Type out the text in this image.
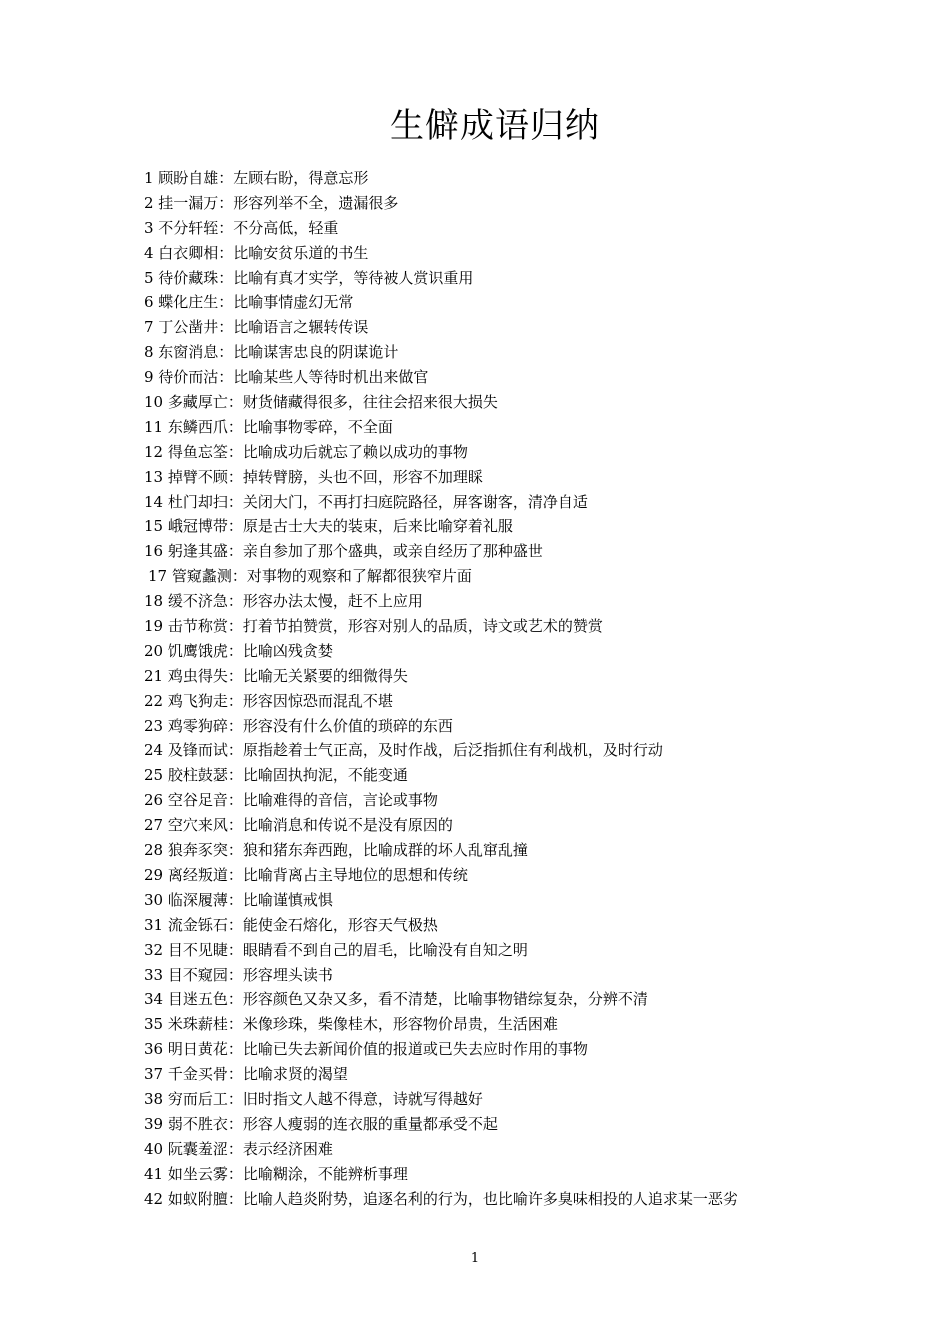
生僻成语归纳
1 顾盼自雄：左顾右盼，得意忘形
2 挂一漏万：形容列举不全，遗漏很多
3 不分轩轾：不分高低，轻重
4 白衣卿相：比喻安贫乐道的书生
5 待价藏珠：比喻有真才实学，等待被人赏识重用
6 蝶化庄生：比喻事情虚幻无常
7 丁公凿井：比喻语言之辗转传误
8 东窗消息：比喻谋害忠良的阴谋诡计
9 待价而沽：比喻某些人等待时机出来做官
10 多藏厚亡：财货储藏得很多，往往会招来很大损失
11 东鳞西爪：比喻事物零碎，不全面
12 得鱼忘筌：比喻成功后就忘了赖以成功的事物
13 掉臂不顾：掉转臂膀，头也不回，形容不加理睬
14 杜门却扫：关闭大门，不再打扫庭院路径，屏客谢客，清净自适
15 峨冠博带：原是古士大夫的装束，后来比喻穿着礼服
16 躬逢其盛：亲自参加了那个盛典，或亲自经历了那种盛世
17 管窥蠡测：对事物的观察和了解都很狭窄片面
18 缓不济急：形容办法太慢，赶不上应用
19 击节称赏：打着节拍赞赏，形容对别人的品质，诗文或艺术的赞赏
20 饥鹰饿虎：比喻凶残贪婪
21 鸡虫得失：比喻无关紧要的细微得失
22 鸡飞狗走：形容因惊恐而混乱不堪
23 鸡零狗碎：形容没有什么价值的琐碎的东西
24 及锋而试：原指趁着士气正高，及时作战，后泛指抓住有利战机，及时行动
25 胶柱鼓瑟：比喻固执拘泥，不能变通
26 空谷足音：比喻难得的音信，言论或事物
27 空穴来风：比喻消息和传说不是没有原因的
28 狼奔豕突：狼和猪东奔西跑，比喻成群的坏人乱窜乱撞
29 离经叛道：比喻背离占主导地位的思想和传统
30 临深履薄：比喻谨慎戒惧
31 流金铄石：能使金石熔化，形容天气极热
32 目不见睫：眼睛看不到自己的眉毛，比喻没有自知之明
33 目不窥园：形容埋头读书
34 目迷五色：形容颜色又杂又多，看不清楚，比喻事物错综复杂，分辨不清
35 米珠薪桂：米像珍珠，柴像桂木，形容物价昂贵，生活困难
36 明日黄花：比喻已失去新闻价值的报道或已失去应时作用的事物
37 千金买骨：比喻求贤的渴望
38 穷而后工：旧时指文人越不得意，诗就写得越好
39 弱不胜衣：形容人瘦弱的连衣服的重量都承受不起
40 阮囊羞涩：表示经济困难
41 如坐云雾：比喻糊涂，不能辨析事理
42 如蚁附膻：比喻人趋炎附势，追逐名利的行为，也比喻许多臭味相投的人追求某一恶劣
1
